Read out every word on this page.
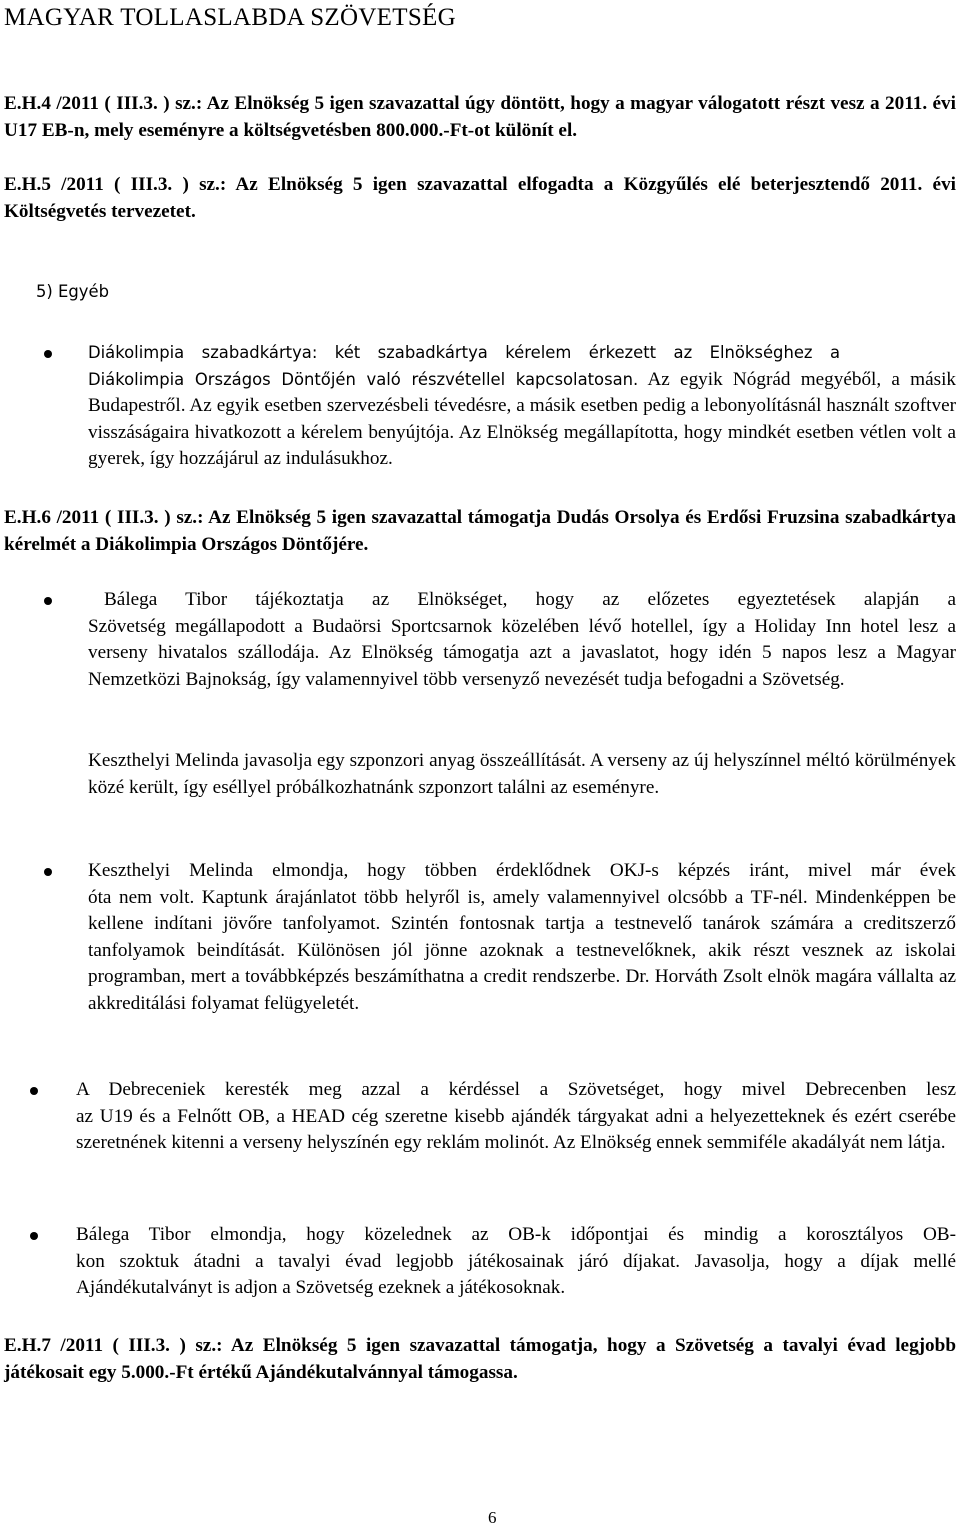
MAGYAR TOLLASLABDA SZÖVETSÉG
E.H.4 /2011 ( III.3. ) sz.: Az Elnökség 5 igen szavazattal úgy döntött, hogy a magyar válogatott részt vesz a 2011. évi U17 EB-n, mely eseményre a költségvetésben 800.000.-Ft-ot különít el.
E.H.5 /2011 ( III.3. ) sz.: Az Elnökség 5 igen szavazattal elfogadta a Közgyűlés elé beterjesztendő 2011. évi Költségvetés tervezetet.
5) Egyéb
Diákolimpia szabadkártya: két szabadkártya kérelem érkezett az Elnökséghez a
Diákolimpia Országos Döntőjén való részvétellel kapcsolatosan. Az egyik Nógrád megyéből, a másik Budapestről. Az egyik esetben szervezésbeli tévedésre, a másik esetben pedig a lebonyolításnál használt szoftver visszáságaira hivatkozott a kérelem benyújtója. Az Elnökség megállapította, hogy mindkét esetben vétlen volt a gyerek, így hozzájárul az indulásukhoz.
E.H.6 /2011 ( III.3. ) sz.: Az Elnökség 5 igen szavazattal támogatja Dudás Orsolya és Erdősi Fruzsina szabadkártya kérelmét a Diákolimpia Országos Döntőjére.
Bálega Tibor tájékoztatja az Elnökséget, hogy az előzetes egyeztetések alapján a
Szövetség megállapodott a Budaörsi Sportcsarnok közelében lévő hotellel, így a Holiday Inn hotel lesz a verseny hivatalos szállodája. Az Elnökség támogatja azt a javaslatot, hogy idén 5 napos lesz a Magyar Nemzetközi Bajnokság, így valamennyivel több versenyző nevezését tudja befogadni a Szövetség.
Keszthelyi Melinda javasolja egy szponzori anyag összeállítását. A verseny az új helyszínnel méltó körülmények közé került, így eséllyel próbálkozhatnánk szponzort találni az eseményre.
Keszthelyi Melinda elmondja, hogy többen érdeklődnek OKJ-s képzés iránt, mivel már évek
óta nem volt. Kaptunk árajánlatot több helyről is, amely valamennyivel olcsóbb a TF-nél. Mindenképpen be kellene indítani jövőre tanfolyamot. Szintén fontosnak tartja a testnevelő tanárok számára a creditszerző tanfolyamok beindítását. Különösen jól jönne azoknak a testnevelőknek, akik részt vesznek az iskolai programban, mert a továbbképzés beszámíthatna a credit rendszerbe. Dr. Horváth Zsolt elnök magára vállalta az akkreditálási folyamat felügyeletét.
A Debreceniek keresték meg azzal a kérdéssel a Szövetséget, hogy mivel Debrecenben lesz
az U19 és a Felnőtt OB, a HEAD cég szeretne kisebb ajándék tárgyakat adni a helyezetteknek és ezért cserébe szeretnének kitenni a verseny helyszínén egy reklám molinót. Az Elnökség ennek semmiféle akadályát nem látja.
Bálega Tibor elmondja, hogy közelednek az OB-k időpontjai és mindig a korosztályos OB-
kon szoktuk átadni a tavalyi évad legjobb játékosainak járó díjakat. Javasolja, hogy a díjak mellé Ajándékutalványt is adjon a Szövetség ezeknek a játékosoknak.
E.H.7 /2011 ( III.3. ) sz.: Az Elnökség 5 igen szavazattal támogatja, hogy a Szövetség a tavalyi évad legjobb játékosait egy 5.000.-Ft értékű Ajándékutalvánnyal támogassa.
6
